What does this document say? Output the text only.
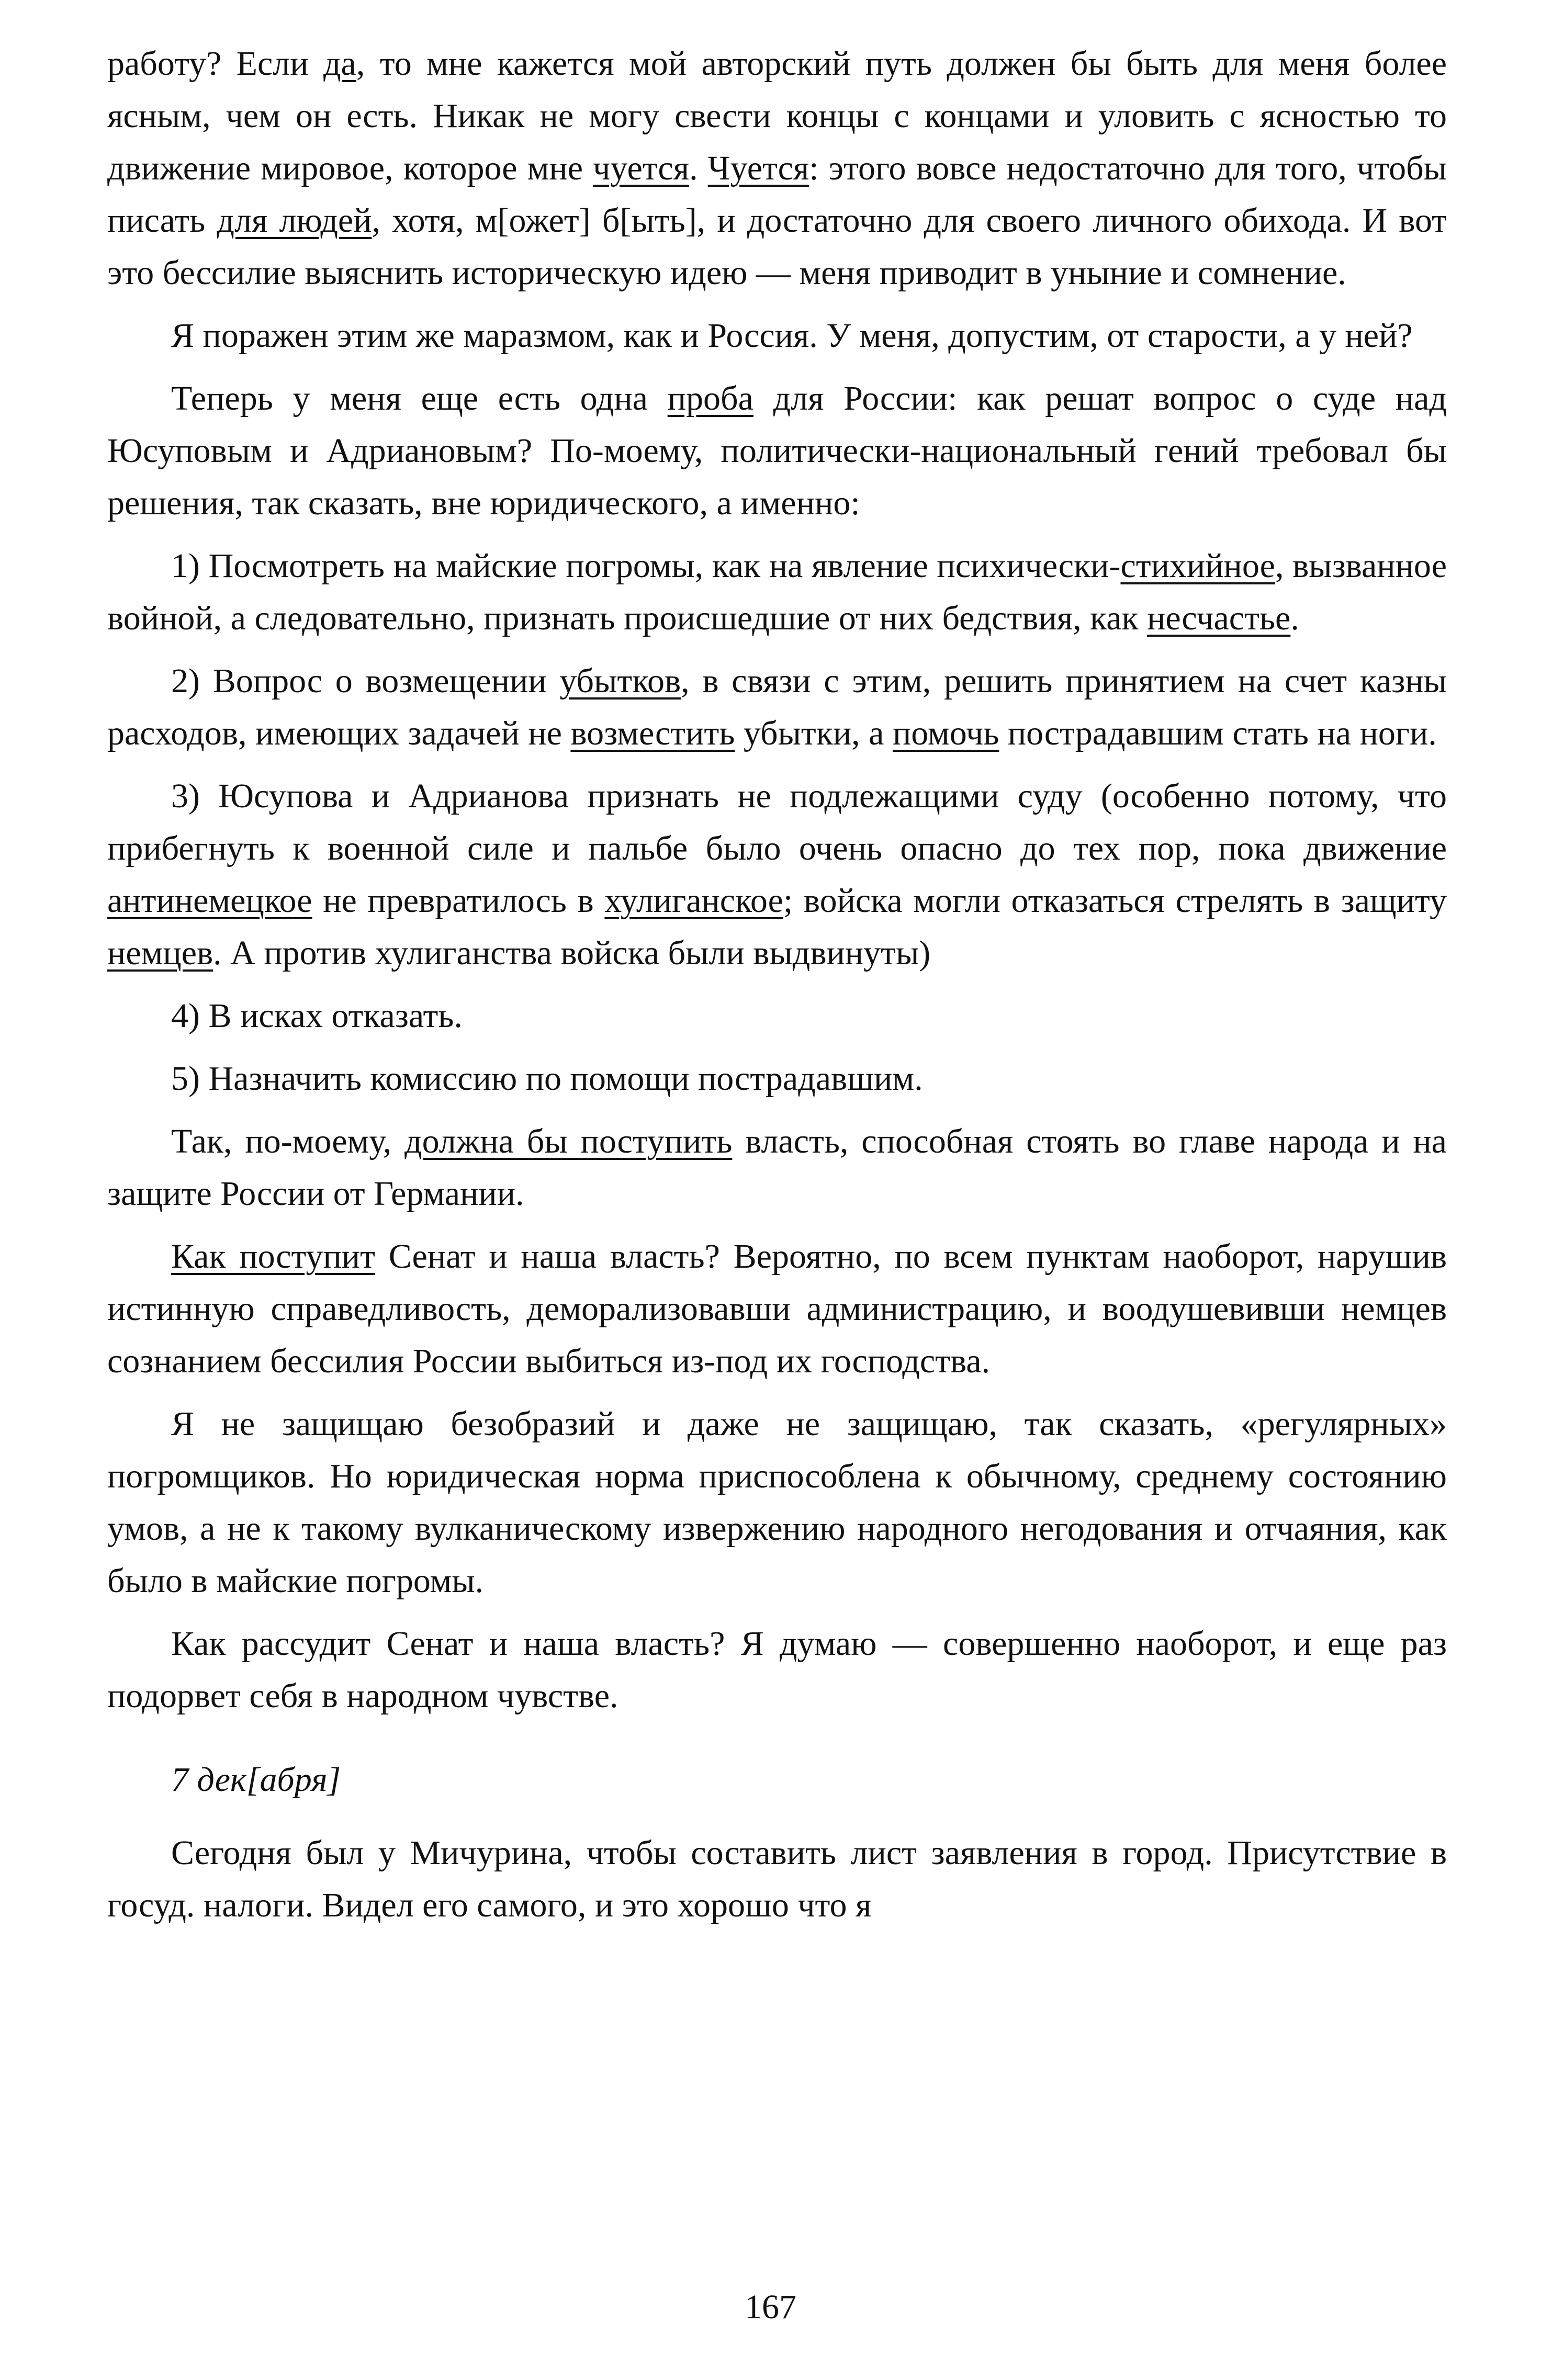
работу? Если да, то мне кажется мой авторский путь должен бы быть для меня более ясным, чем он есть. Никак не могу свести концы с концами и уловить с ясностью то движение мировое, которое мне чуется. Чуется: этого вовсе недостаточно для того, чтобы писать для людей, хотя, м[ожет] б[ыть], и достаточно для своего личного обихода. И вот это бессилие выяснить историческую идею — меня приводит в уныние и сомнение.
Я поражен этим же маразмом, как и Россия. У меня, допустим, от старости, а у ней?
Теперь у меня еще есть одна проба для России: как решат вопрос о суде над Юсуповым и Адриановым? По-моему, политически-национальный гений требовал бы решения, так сказать, вне юридического, а именно:
1) Посмотреть на майские погромы, как на явление психически-стихийное, вызванное войной, а следовательно, признать происшедшие от них бедствия, как несчастье.
2) Вопрос о возмещении убытков, в связи с этим, решить принятием на счет казны расходов, имеющих задачей не возместить убытки, а помочь пострадавшим стать на ноги.
3) Юсупова и Адрианова признать не подлежащими суду (особенно потому, что прибегнуть к военной силе и пальбе было очень опасно до тех пор, пока движение антинемецкое не превратилось в хулиганское; войска могли отказаться стрелять в защиту немцев. А против хулиганства войска были выдвинуты)
4) В исках отказать.
5) Назначить комиссию по помощи пострадавшим.
Так, по-моему, должна бы поступить власть, способная стоять во главе народа и на защите России от Германии.
Как поступит Сенат и наша власть? Вероятно, по всем пунктам наоборот, нарушив истинную справедливость, деморализовавши администрацию, и воодушевивши немцев сознанием бессилия России выбиться из-под их господства.
Я не защищаю безобразий и даже не защищаю, так сказать, «регулярных» погромщиков. Но юридическая норма приспособлена к обычному, среднему состоянию умов, а не к такому вулканическому извержению народного негодования и отчаяния, как было в майские погромы.
Как рассудит Сенат и наша власть? Я думаю — совершенно наоборот, и еще раз подорвет себя в народном чувстве.
7 дек[абря]
Сегодня был у Мичурина, чтобы составить лист заявления в город. Присутствие в госуд. налоги. Видел его самого, и это хорошо что я
167
